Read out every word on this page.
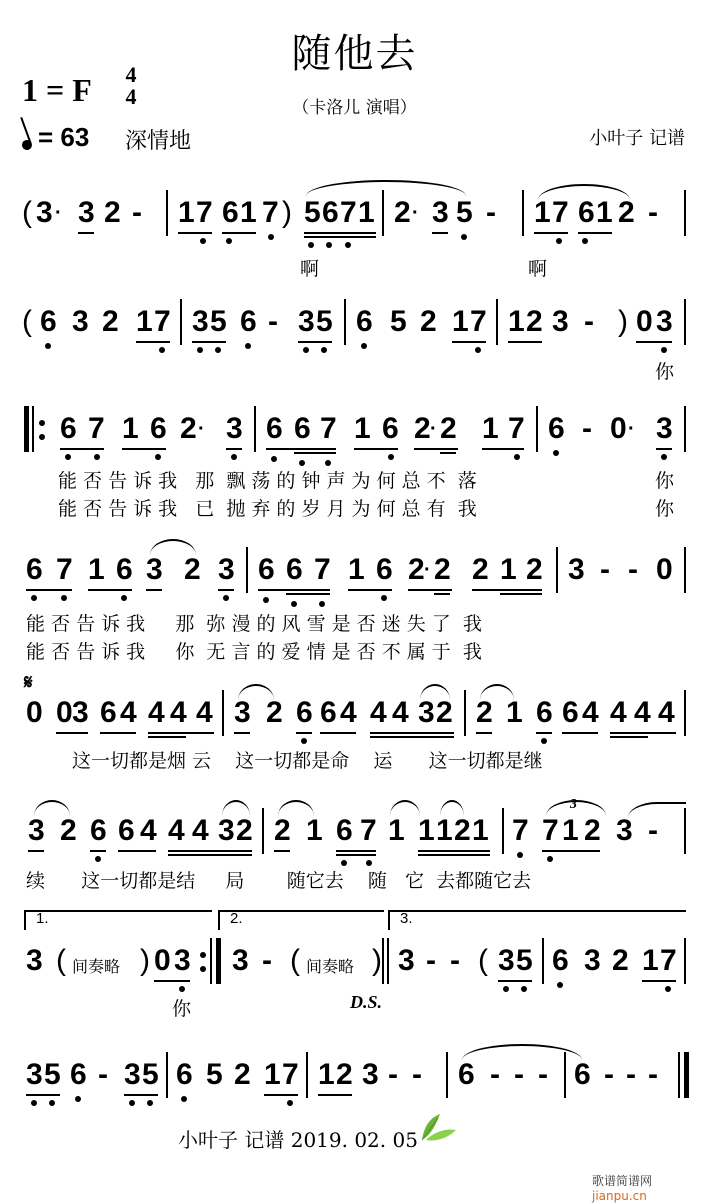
随他去
（卡洛儿 演唱）
1 = F	4
4
= 63 深情地	小叶子 记谱
( 3 · 3 2 - 1 7 6 1 7 ) 5 6 7 1 2 · 3 5 - 1 7 6 1 2 -
啊	啊
( 6 3 2 1 7 3 5 6 - 3 5 6 5 2 1 7 1 2 3 - ) 0 3
你
6 7 1 6 2 · 3 6 6 7 1 6 2 · 2 1 7 6 - 0 · 3
能 否 告 诉 我   那  飘 荡 的 钟 声 为 何 总 不  落	你
能 否 告 诉 我   已  抛 弃 的 岁 月 为 何 总 有  我	你
6 7 1 6 3 2 3 6 6 7 1 6 2 · 2 2 1 2 3 - - 0
能 否 告 诉 我     那  弥 漫 的 风 雪 是 否 迷 失 了  我
能 否 告 诉 我     你  无 言 的 爱 情 是 否 不 属 于  我
𝄋
0 0 3 6 4 4 4 4 3 2 6 6 4 4 4 3 2 2 1 6 6 4 4 4 4
这一切都是烟 云    这一切都是命    运      这一切都是继
3 2 6 6 4 4 4 3 2 2 1 6 7 1 1 1 2 1 7
3
7 1 2 3 -
续      这一切都是结     局       随它去    随   它  去都随它去
1.	2.	3.
3 ( 间奏略 ) 0 3 3 - ( 间奏略 ) 3 - - ( 3 5 6 3 2 1 7
你	D.S.
3 5 6 - 3 5 6 5 2 1 7 1 2 3 - - 6 - - - 6 - - -
小叶子 记谱 2019. 02. 05
歌谱简谱网 jianpu.cn
